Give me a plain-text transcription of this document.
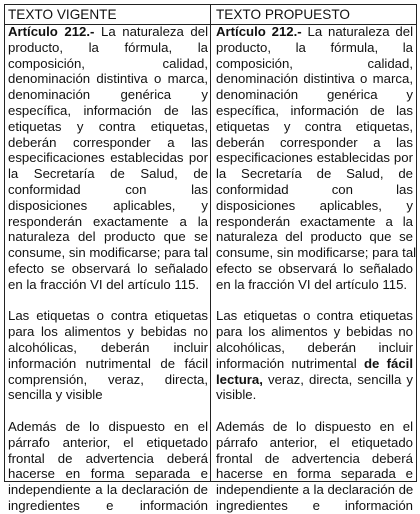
TEXTO VIGENTE
Artículo 212.- La naturaleza del
producto, la fórmula, la
composición, calidad,
denominación distintiva o marca,
denominación genérica y
específica, información de las
etiquetas y contra etiquetas,
deberán corresponder a las
especificaciones establecidas por
la Secretaría de Salud, de
conformidad con las
disposiciones aplicables, y
responderán exactamente a la
naturaleza del producto que se
consume, sin modificarse; para tal
efecto se observará lo señalado
en la fracción VI del artículo 115.
Las etiquetas o contra etiquetas
para los alimentos y bebidas no
alcohólicas, deberán incluir
información nutrimental de fácil
comprensión, veraz, directa,
sencilla y visible
Además de lo dispuesto en el
párrafo anterior, el etiquetado
frontal de advertencia deberá
hacerse en forma separada e
independiente a la declaración de
ingredientes e información
TEXTO PROPUESTO
Artículo 212.- La naturaleza del
producto, la fórmula, la
composición, calidad,
denominación distintiva o marca,
denominación genérica y
específica, información de las
etiquetas y contra etiquetas,
deberán corresponder a las
especificaciones establecidas por
la Secretaría de Salud, de
conformidad con las
disposiciones aplicables, y
responderán exactamente a la
naturaleza del producto que se
consume, sin modificarse; para tal
efecto se observará lo señalado
en la fracción VI del artículo 115.
Las etiquetas o contra etiquetas
para los alimentos y bebidas no
alcohólicas, deberán incluir
información nutrimental de fácil
lectura, veraz, directa, sencilla y
visible.
Además de lo dispuesto en el
párrafo anterior, el etiquetado
frontal de advertencia deberá
hacerse en forma separada e
independiente a la declaración de
ingredientes e información
